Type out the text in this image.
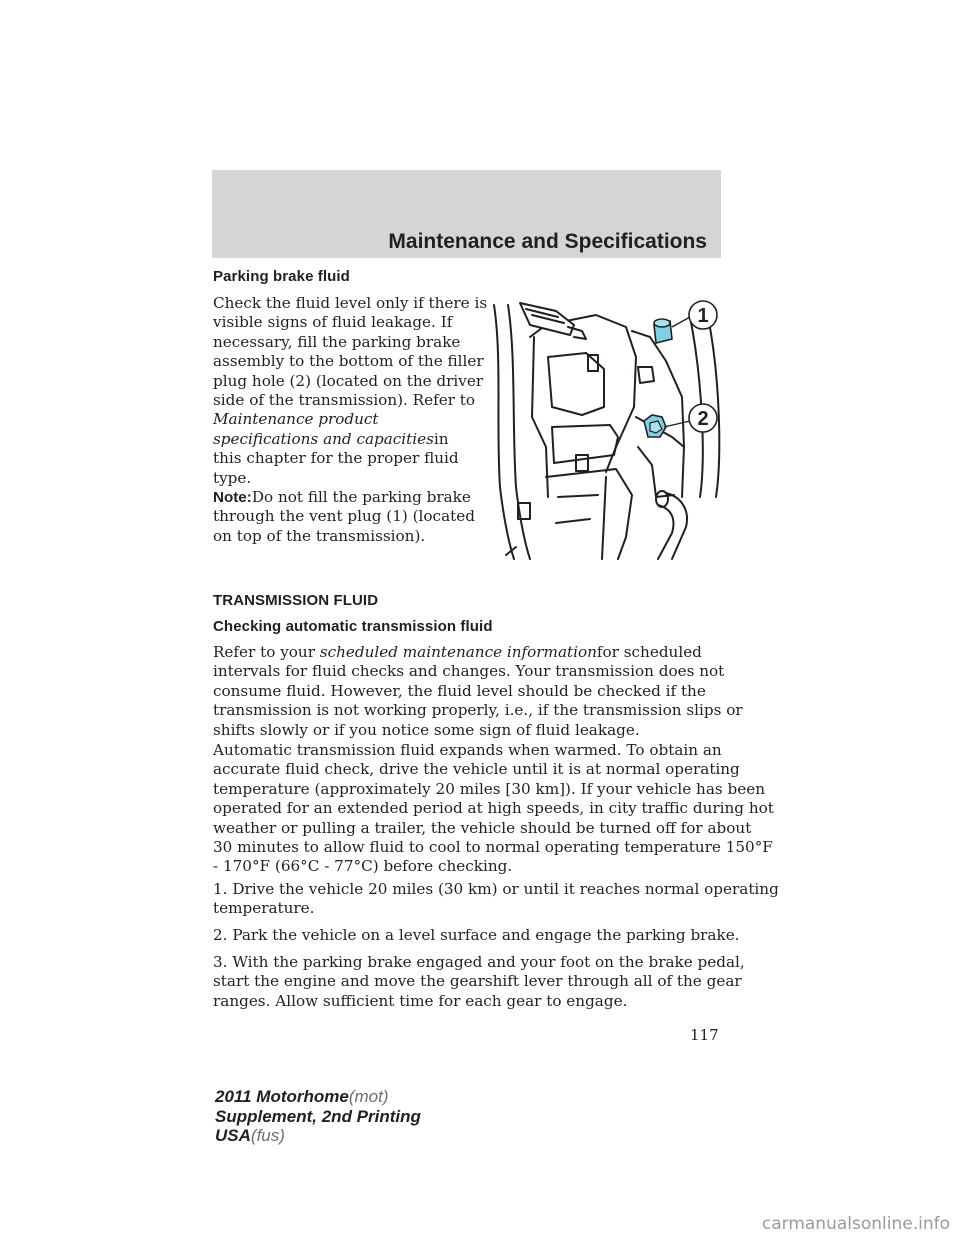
Maintenance and Specifications
Parking brake fluid
Check the fluid level only if there is
visible signs of fluid leakage. If
necessary, fill the parking brake
assembly to the bottom of the filler
plug hole (2) (located on the driver
side of the transmission). Refer to
Maintenance product
specifications and capacitiesin
this chapter for the proper fluid
type.
Note:Do not fill the parking brake
through the vent plug (1) (located
on top of the transmission).
1
2
TRANSMISSION FLUID
Checking automatic transmission fluid
Refer to your scheduled maintenance informationfor scheduled
intervals for fluid checks and changes. Your transmission does not
consume fluid. However, the fluid level should be checked if the
transmission is not working properly, i.e., if the transmission slips or
shifts slowly or if you notice some sign of fluid leakage.
Automatic transmission fluid expands when warmed. To obtain an
accurate fluid check, drive the vehicle until it is at normal operating
temperature (approximately 20 miles [30 km]). If your vehicle has been
operated for an extended period at high speeds, in city traffic during hot
weather or pulling a trailer, the vehicle should be turned off for about
30 minutes to allow fluid to cool to normal operating temperature 150°F
- 170°F (66°C - 77°C) before checking.
1. Drive the vehicle 20 miles (30 km) or until it reaches normal operating
temperature.
2. Park the vehicle on a level surface and engage the parking brake.
3. With the parking brake engaged and your foot on the brake pedal,
start the engine and move the gearshift lever through all of the gear
ranges. Allow sufficient time for each gear to engage.
117
2011 Motorhome(mot)
Supplement, 2nd Printing
USA(fus)
carmanualsonline.info
